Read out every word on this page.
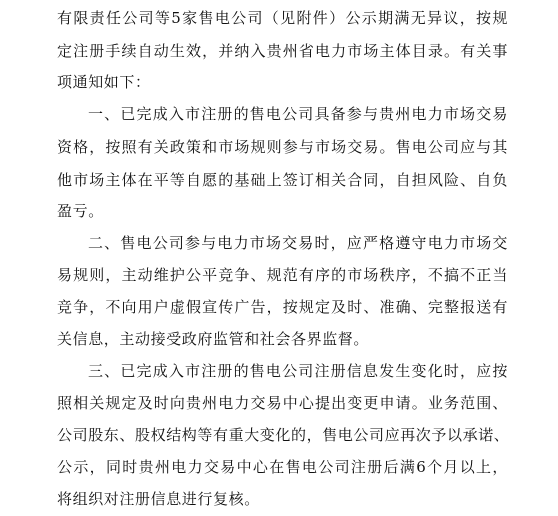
有限责任公司等5家售电公司（见附件）公示期满无异议，按规
定注册手续自动生效，并纳入贵州省电力市场主体目录。有关事
项通知如下：
一、已完成入市注册的售电公司具备参与贵州电力市场交易
资格，按照有关政策和市场规则参与市场交易。售电公司应与其
他市场主体在平等自愿的基础上签订相关合同，自担风险、自负
盈亏。
二、售电公司参与电力市场交易时，应严格遵守电力市场交
易规则，主动维护公平竞争、规范有序的市场秩序，不搞不正当
竞争，不向用户虚假宣传广告，按规定及时、准确、完整报送有
关信息，主动接受政府监管和社会各界监督。
三、已完成入市注册的售电公司注册信息发生变化时，应按
照相关规定及时向贵州电力交易中心提出变更申请。业务范围、
公司股东、股权结构等有重大变化的，售电公司应再次予以承诺、
公示，同时贵州电力交易中心在售电公司注册后满6个月以上，
将组织对注册信息进行复核。
